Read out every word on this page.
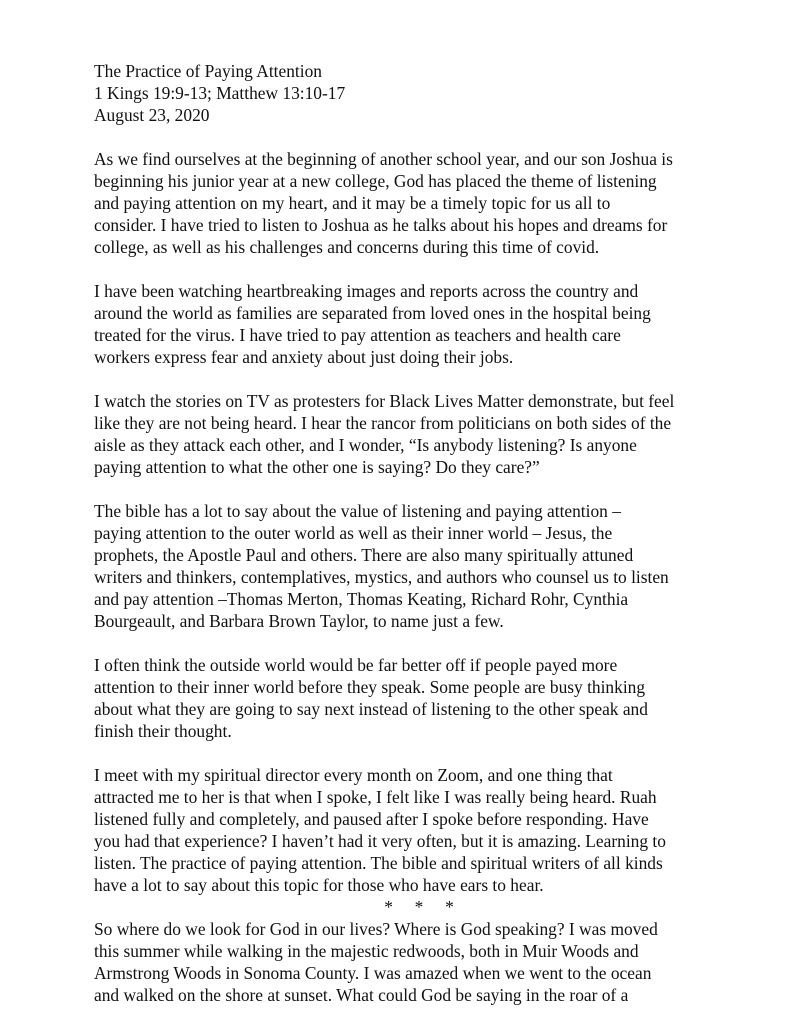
The Practice of Paying Attention
1 Kings 19:9-13; Matthew 13:10-17
August 23, 2020
As we find ourselves at the beginning of another school year, and our son Joshua is
beginning his junior year at a new college, God has placed the theme of listening
and paying attention on my heart, and it may be a timely topic for us all to
consider. I have tried to listen to Joshua as he talks about his hopes and dreams for
college, as well as his challenges and concerns during this time of covid.
I have been watching heartbreaking images and reports across the country and
around the world as families are separated from loved ones in the hospital being
treated for the virus. I have tried to pay attention as teachers and health care
workers express fear and anxiety about just doing their jobs.
I watch the stories on TV as protesters for Black Lives Matter demonstrate, but feel
like they are not being heard. I hear the rancor from politicians on both sides of the
aisle as they attack each other, and I wonder, “Is anybody listening? Is anyone
paying attention to what the other one is saying? Do they care?”
The bible has a lot to say about the value of listening and paying attention –
paying attention to the outer world as well as their inner world – Jesus, the
prophets, the Apostle Paul and others. There are also many spiritually attuned
writers and thinkers, contemplatives, mystics, and authors who counsel us to listen
and pay attention –Thomas Merton, Thomas Keating, Richard Rohr, Cynthia
Bourgeault, and Barbara Brown Taylor, to name just a few.
I often think the outside world would be far better off if people payed more
attention to their inner world before they speak. Some people are busy thinking
about what they are going to say next instead of listening to the other speak and
finish their thought.
I meet with my spiritual director every month on Zoom, and one thing that
attracted me to her is that when I spoke, I felt like I was really being heard. Ruah
listened fully and completely, and paused after I spoke before responding. Have
you had that experience? I haven’t had it very often, but it is amazing. Learning to
listen. The practice of paying attention. The bible and spiritual writers of all kinds
have a lot to say about this topic for those who have ears to hear.
*     *     *
So where do we look for God in our lives? Where is God speaking? I was moved
this summer while walking in the majestic redwoods, both in Muir Woods and
Armstrong Woods in Sonoma County. I was amazed when we went to the ocean
and walked on the shore at sunset. What could God be saying in the roar of a
